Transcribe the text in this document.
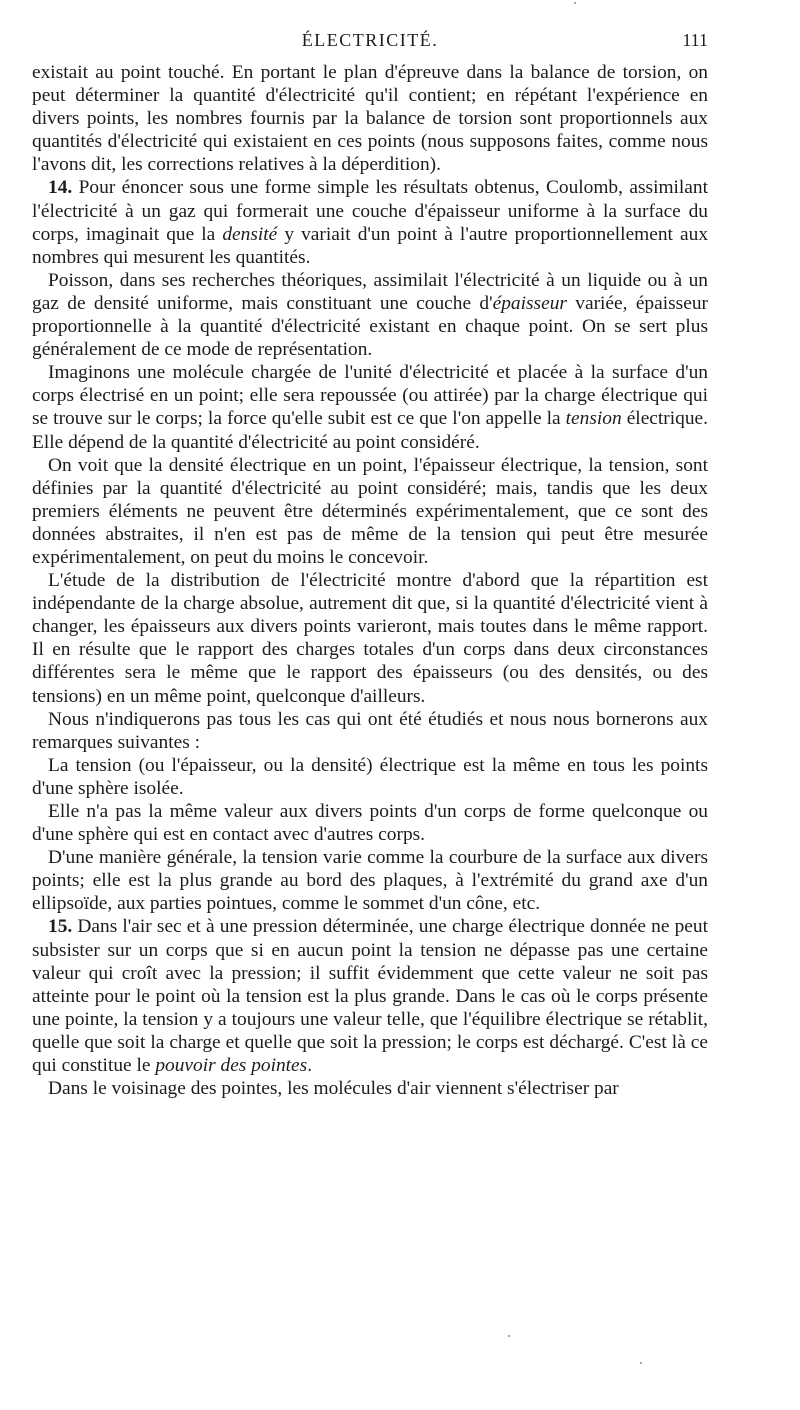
ÉLECTRICITÉ.	111

existait au point touché. En portant le plan d'épreuve dans la balance de torsion, on peut déterminer la quantité d'électricité qu'il contient; en répétant l'expérience en divers points, les nombres fournis par la balance de torsion sont proportionnels aux quantités d'électricité qui existaient en ces points (nous supposons faites, comme nous l'avons dit, les corrections relatives à la déperdition).

14. Pour énoncer sous une forme simple les résultats obtenus, Coulomb, assimilant l'électricité à un gaz qui formerait une couche d'épaisseur uniforme à la surface du corps, imaginait que la densité y variait d'un point à l'autre proportionnellement aux nombres qui mesurent les quantités.

Poisson, dans ses recherches théoriques, assimilait l'électricité à un liquide ou à un gaz de densité uniforme, mais constituant une couche d'épaisseur variée, épaisseur proportionnelle à la quantité d'électricité existant en chaque point. On se sert plus généralement de ce mode de représentation.

Imaginons une molécule chargée de l'unité d'électricité et placée à la surface d'un corps électrisé en un point; elle sera repoussée (ou attirée) par la charge électrique qui se trouve sur le corps; la force qu'elle subit est ce que l'on appelle la tension électrique. Elle dépend de la quantité d'électricité au point considéré.

On voit que la densité électrique en un point, l'épaisseur électrique, la tension, sont définies par la quantité d'électricité au point considéré; mais, tandis que les deux premiers éléments ne peuvent être déterminés expérimentalement, que ce sont des données abstraites, il n'en est pas de même de la tension qui peut être mesurée expérimentalement, on peut du moins le concevoir.

L'étude de la distribution de l'électricité montre d'abord que la répartition est indépendante de la charge absolue, autrement dit que, si la quantité d'électricité vient à changer, les épaisseurs aux divers points varieront, mais toutes dans le même rapport. Il en résulte que le rapport des charges totales d'un corps dans deux circonstances différentes sera le même que le rapport des épaisseurs (ou des densités, ou des tensions) en un même point, quelconque d'ailleurs.

Nous n'indiquerons pas tous les cas qui ont été étudiés et nous nous bornerons aux remarques suivantes :

La tension (ou l'épaisseur, ou la densité) électrique est la même en tous les points d'une sphère isolée.

Elle n'a pas la même valeur aux divers points d'un corps de forme quelconque ou d'une sphère qui est en contact avec d'autres corps.

D'une manière générale, la tension varie comme la courbure de la surface aux divers points; elle est la plus grande au bord des plaques, à l'extrémité du grand axe d'un ellipsoïde, aux parties pointues, comme le sommet d'un cône, etc.

15. Dans l'air sec et à une pression déterminée, une charge électrique donnée ne peut subsister sur un corps que si en aucun point la tension ne dépasse pas une certaine valeur qui croît avec la pression; il suffit évidemment que cette valeur ne soit pas atteinte pour le point où la tension est la plus grande. Dans le cas où le corps présente une pointe, la tension y a toujours une valeur telle, que l'équilibre électrique se rétablit, quelle que soit la charge et quelle que soit la pression; le corps est déchargé. C'est là ce qui constitue le pouvoir des pointes.

Dans le voisinage des pointes, les molécules d'air viennent s'électriser par
